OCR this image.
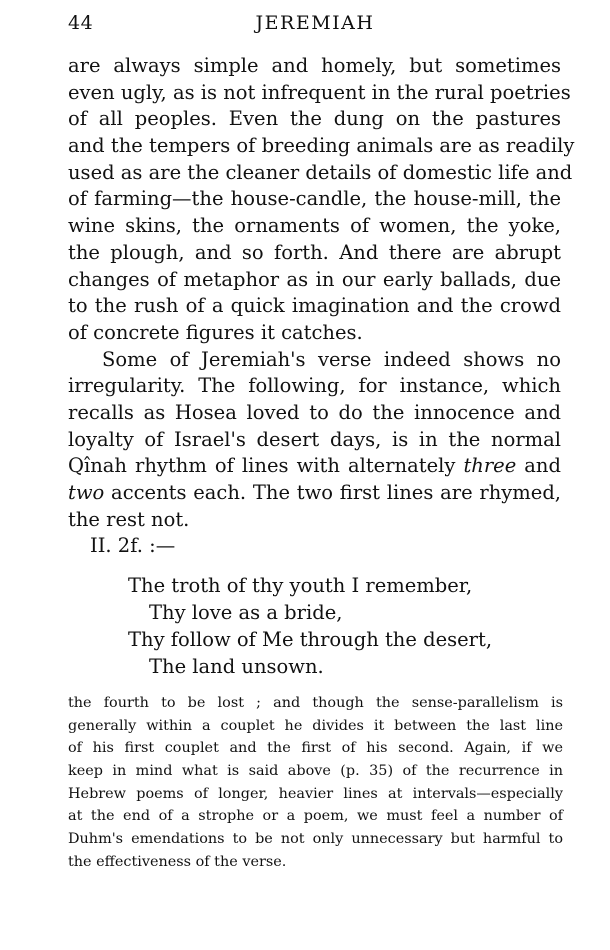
44	JEREMIAH
are always simple and homely, but sometimes
even ugly, as is not infrequent in the rural poetries
of all peoples. Even the dung on the pastures
and the tempers of breeding animals are as readily
used as are the cleaner details of domestic life and
of farming—the house-candle, the house-mill, the
wine skins, the ornaments of women, the yoke,
the plough, and so forth. And there are abrupt
changes of metaphor as in our early ballads, due
to the rush of a quick imagination and the crowd
of concrete figures it catches.
Some of Jeremiah's verse indeed shows no
irregularity. The following, for instance, which
recalls as Hosea loved to do the innocence and
loyalty of Israel's desert days, is in the normal
Qînah rhythm of lines with alternately three and
two accents each. The two first lines are rhymed,
the rest not.
II. 2f. :—
The troth of thy youth I remember,
Thy love as a bride,
Thy follow of Me through the desert,
The land unsown.
the fourth to be lost ; and though the sense-parallelism is
generally within a couplet he divides it between the last line
of his first couplet and the first of his second. Again, if we
keep in mind what is said above (p. 35) of the recurrence in
Hebrew poems of longer, heavier lines at intervals—especially
at the end of a strophe or a poem, we must feel a number of
Duhm's emendations to be not only unnecessary but harmful to
the effectiveness of the verse.
